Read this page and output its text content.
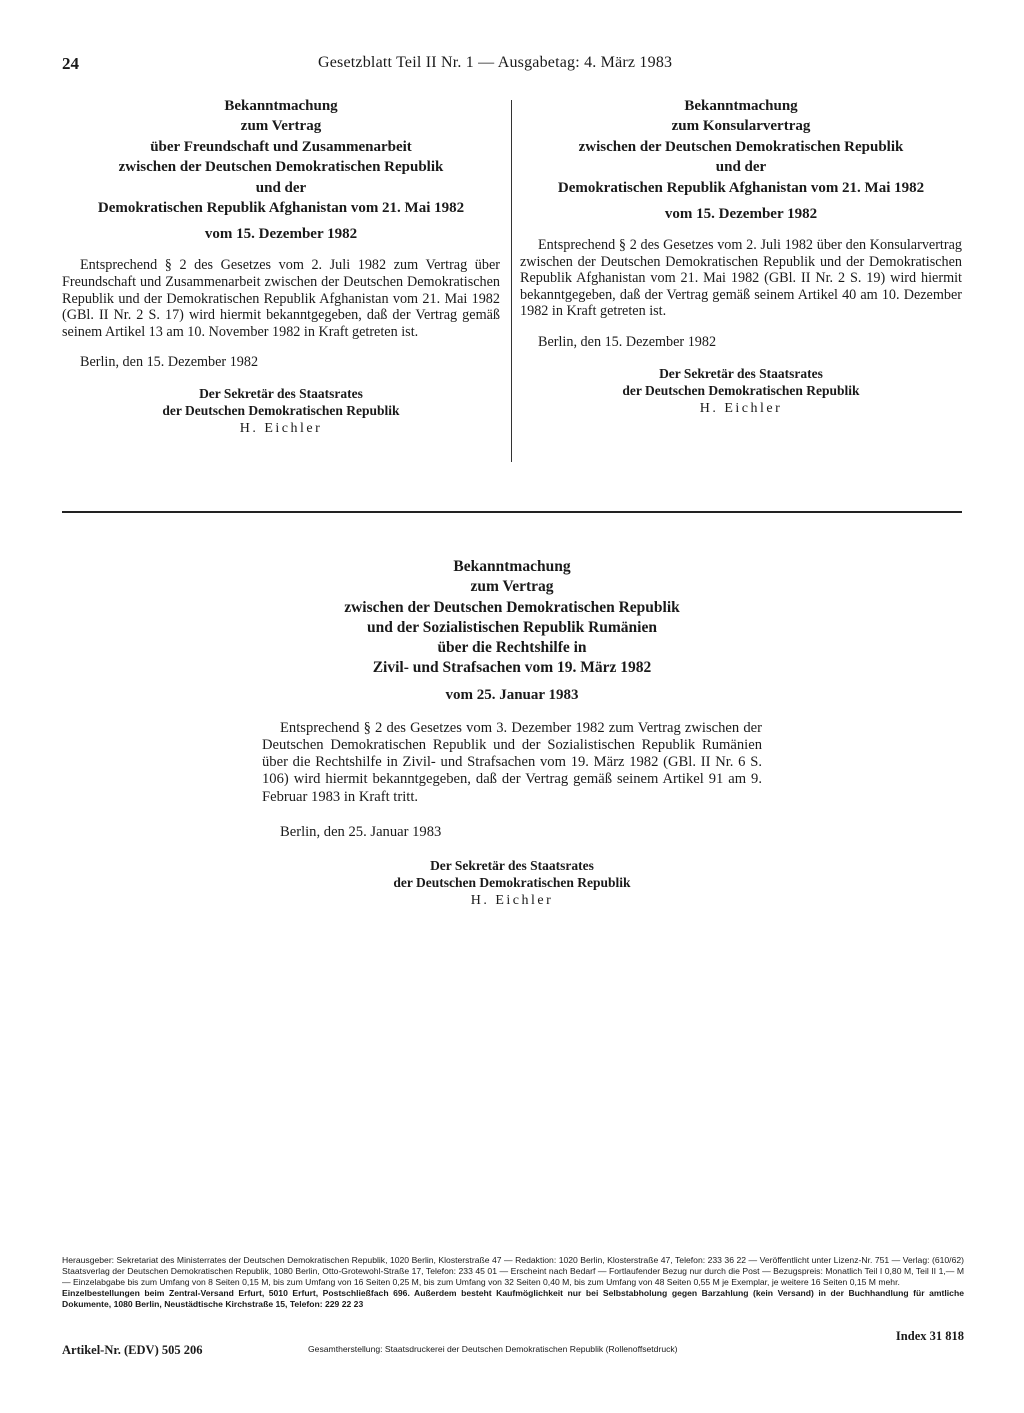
24	Gesetzblatt Teil II Nr. 1 — Ausgabetag: 4. März 1983
Bekanntmachung
zum Vertrag
über Freundschaft und Zusammenarbeit
zwischen der Deutschen Demokratischen Republik
und der
Demokratischen Republik Afghanistan vom 21. Mai 1982
vom 15. Dezember 1982

Entsprechend § 2 des Gesetzes vom 2. Juli 1982 zum Vertrag über Freundschaft und Zusammenarbeit zwischen der Deutschen Demokratischen Republik und der Demokratischen Republik Afghanistan vom 21. Mai 1982 (GBl. II Nr. 2 S. 17) wird hiermit bekanntgegeben, daß der Vertrag gemäß seinem Artikel 13 am 10. November 1982 in Kraft getreten ist.

Berlin, den 15. Dezember 1982
Der Sekretär des Staatsrates
der Deutschen Demokratischen Republik
H. Eichler
Bekanntmachung
zum Konsularvertrag
zwischen der Deutschen Demokratischen Republik
und der
Demokratischen Republik Afghanistan vom 21. Mai 1982
vom 15. Dezember 1982

Entsprechend § 2 des Gesetzes vom 2. Juli 1982 über den Konsularvertrag zwischen der Deutschen Demokratischen Republik und der Demokratischen Republik Afghanistan vom 21. Mai 1982 (GBl. II Nr. 2 S. 19) wird hiermit bekanntgegeben, daß der Vertrag gemäß seinem Artikel 40 am 10. Dezember 1982 in Kraft getreten ist.

Berlin, den 15. Dezember 1982
Der Sekretär des Staatsrates
der Deutschen Demokratischen Republik
H. Eichler
Bekanntmachung
zum Vertrag
zwischen der Deutschen Demokratischen Republik
und der Sozialistischen Republik Rumänien
über die Rechtshilfe in
Zivil- und Strafsachen vom 19. März 1982
vom 25. Januar 1983

Entsprechend § 2 des Gesetzes vom 3. Dezember 1982 zum Vertrag zwischen der Deutschen Demokratischen Republik und der Sozialistischen Republik Rumänien über die Rechtshilfe in Zivil- und Strafsachen vom 19. März 1982 (GBl. II Nr. 6 S. 106) wird hiermit bekanntgegeben, daß der Vertrag gemäß seinem Artikel 91 am 9. Februar 1983 in Kraft tritt.

Berlin, den 25. Januar 1983
Der Sekretär des Staatsrates
der Deutschen Demokratischen Republik
H. Eichler

Herausgeber: Sekretariat des Ministerrates der Deutschen Demokratischen Republik, 1020 Berlin, Klosterstraße 47 — Redaktion: 1020 Berlin, Klosterstraße 47, Telefon: 233 36 22 — Veröffentlicht unter Lizenz-Nr. 751 — Verlag: (610/62) Staatsverlag der Deutschen Demokratischen Republik, 1080 Berlin, Otto-Grotewohl-Straße 17, Telefon: 233 45 01 — Erscheint nach Bedarf — Fortlaufender Bezug nur durch die Post — Bezugspreis: Monatlich Teil I 0,80 M, Teil II 1,— M — Einzelabgabe bis zum Umfang von 8 Seiten 0,15 M, bis zum Umfang von 16 Seiten 0,25 M, bis zum Umfang von 32 Seiten 0,40 M, bis zum Umfang von 48 Seiten 0,55 M je Exemplar, je weitere 16 Seiten 0,15 M mehr.

Einzelbestellungen beim Zentral-Versand Erfurt, 5010 Erfurt, Postschließfach 696. Außerdem besteht Kaufmöglichkeit nur bei Selbstabholung gegen Barzahlung (kein Versand) in der Buchhandlung für amtliche Dokumente, 1080 Berlin, Neustädtische Kirchstraße 15, Telefon: 229 22 23

Artikel-Nr. (EDV) 505 206	Gesamtherstellung: Staatsdruckerei der Deutschen Demokratischen Republik (Rollenoffsetdruck)
Index 31 818
